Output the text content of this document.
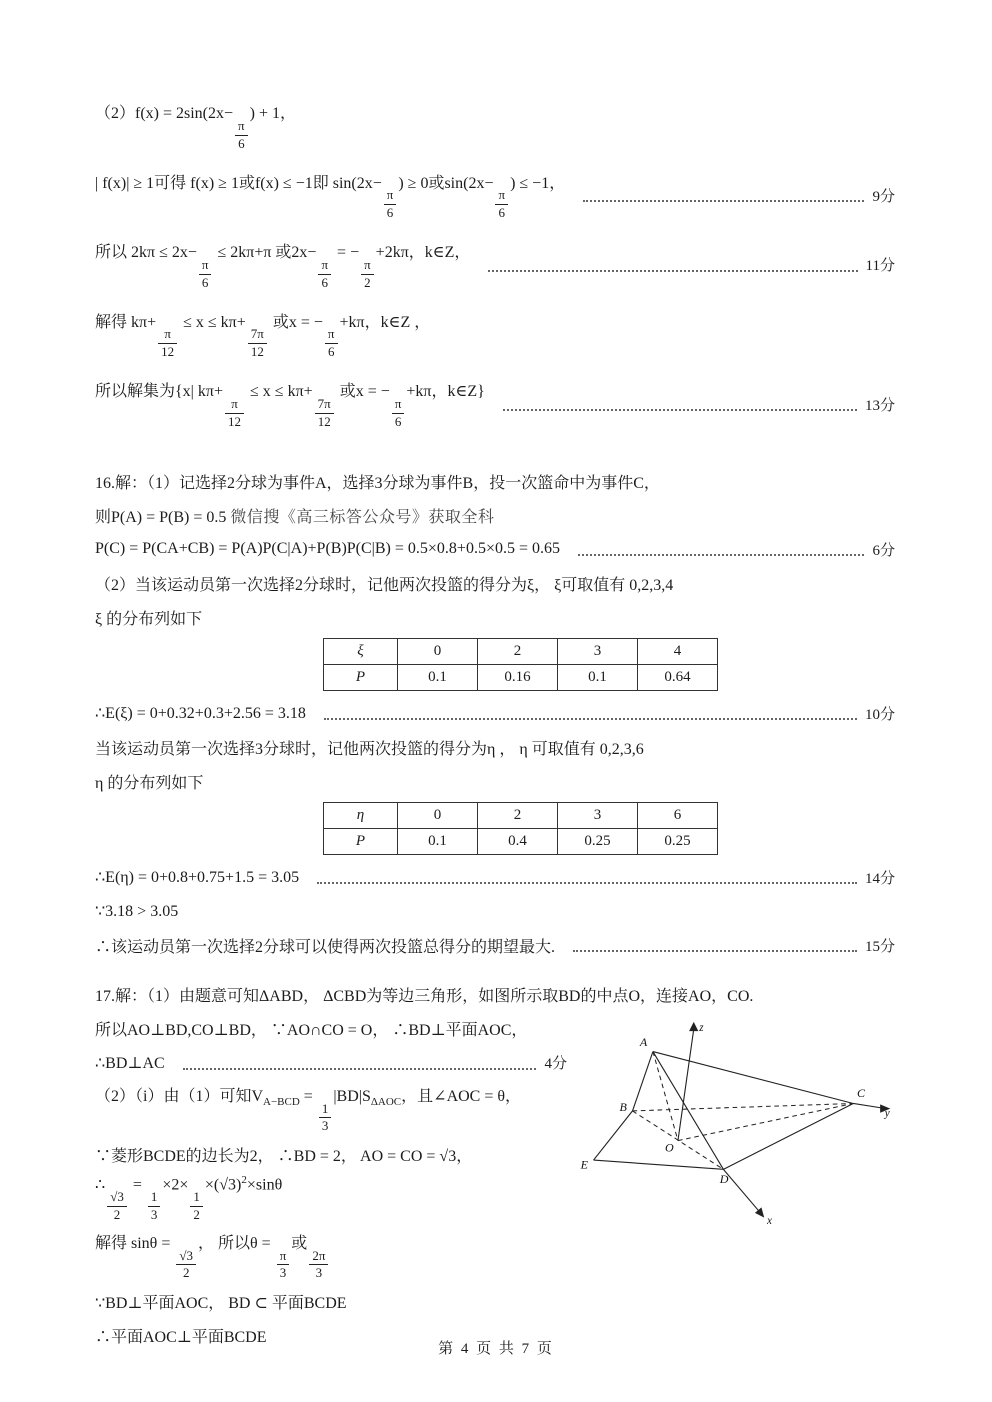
（2）f(x) = 2sin(2x−
$\frac{\pi}{6}$
) + 1，
| f(x)| ≥ 1可得 f(x) ≥ 1或f(x) ≤ −1即 sin(2x−
$\frac{\pi}{6}$
) ≥ 0或sin(2x−
$\frac{\pi}{6}$
) ≤ −1，
9分
所以 2kπ ≤ 2x−
$\frac{\pi}{6}$
≤ 2kπ+π 或2x−
$\frac{\pi}{6}$
= −
$\frac{\pi}{2}$
+2kπ，k∈Z，
11分
解得 kπ+
$\frac{\pi}{12}$
≤ x ≤ kπ+
$\frac{7\pi}{12}$
或x = −
$\frac{\pi}{6}$
+kπ，k∈Z ，
所以解集为{x| kπ+
$\frac{\pi}{12}$
≤ x ≤ kπ+
$\frac{7\pi}{12}$
或x = −
$\frac{\pi}{6}$
+kπ，k∈Z}
13分
16.解：（1）记选择2分球为事件A，选择3分球为事件B，投一次篮命中为事件C，
则P(A) = P(B) = 0.5 微信搜《高三标答公众号》获取全科
P(C) = P(CA+CB) = P(A)P(C|A)+P(B)P(C|B) = 0.5×0.8+0.5×0.5 = 0.65	6分
（2）当该运动员第一次选择2分球时，记他两次投篮的得分为ξ， ξ可取值有 0,2,3,4
ξ 的分布列如下
ξ	0	2	3	4
P	0.1	0.16	0.1	0.64
∴E(ξ) = 0+0.32+0.3+2.56 = 3.18	10分
当该运动员第一次选择3分球时，记他两次投篮的得分为η ， η 可取值有 0,2,3,6
η 的分布列如下
η	0	2	3	6
P	0.1	0.4	0.25	0.25
∴E(η) = 0+0.8+0.75+1.5 = 3.05	14分
∵3.18 > 3.05
∴该运动员第一次选择2分球可以使得两次投篮总得分的期望最大.	15分
17.解：（1）由题意可知ΔABD， ΔCBD为等边三角形，如图所示取BD的中点O，连接AO，CO.
所以AO⊥BD,CO⊥BD， ∵AO∩CO = O， ∴BD⊥平面AOC，
∴BD⊥AC	4分
（2）（i）由（1）可知$V_{A-BCD}$ =
$\frac{1}{3}$
$|BD|S_{\Delta AOC}$，且∠AOC = θ，
∵菱形BCDE的边长为2， ∴BD = 2， AO = CO = √3，
∴
$\frac{√3}{2}$
=
$\frac{1}{3}$
×2×
$\frac{1}{2}$
$\times(√3)^2\times\sin\theta$
A
B
C
D
E
O
x
y
z
解得 sinθ =
$\frac{√3}{2}$
， 所以θ =
$\frac{\pi}{3}$
或
$\frac{2\pi}{3}$
∵BD⊥平面AOC， BD ⊂ 平面BCDE
∴平面AOC⊥平面BCDE
第 4 页 共 7 页
